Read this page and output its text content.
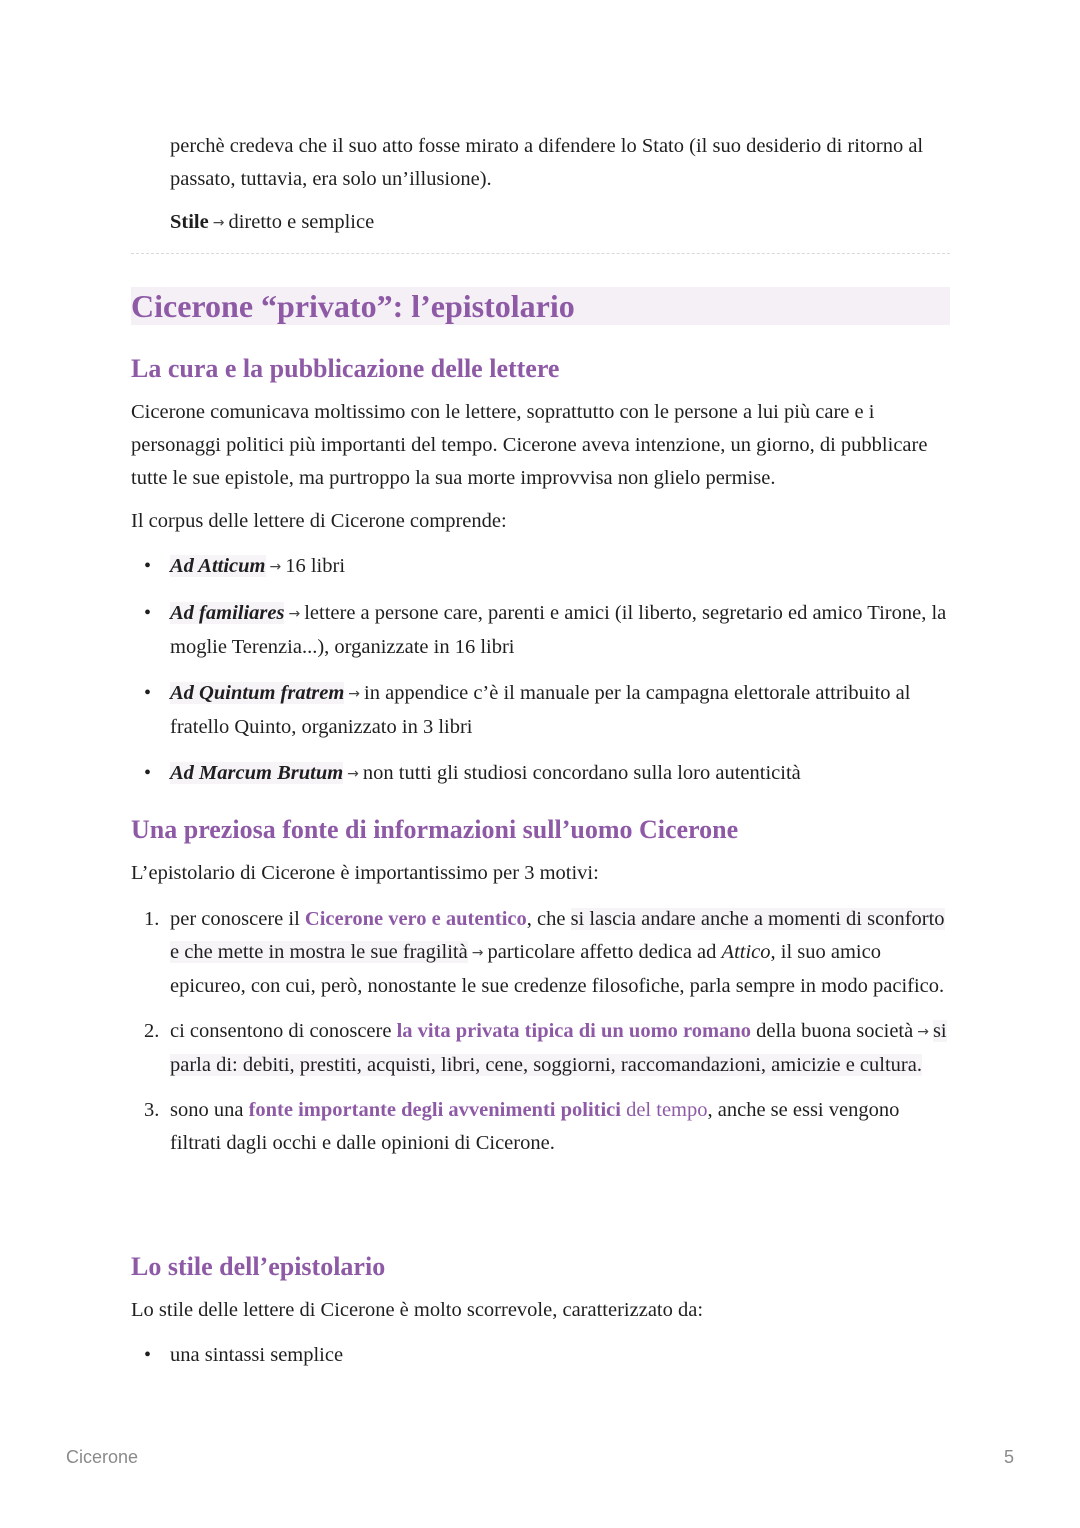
perchè credeva che il suo atto fosse mirato a difendere lo Stato (il suo desiderio di ritorno al passato, tuttavia, era solo un’illusione).

Stile → diretto e semplice

Cicerone “privato”: l’epistolario
La cura e la pubblicazione delle lettere

Cicerone comunicava moltissimo con le lettere, soprattutto con le persone a lui più care e i personaggi politici più importanti del tempo. Cicerone aveva intenzione, un giorno, di pubblicare tutte le sue epistole, ma purtroppo la sua morte improvvisa non glielo permise.

Il corpus delle lettere di Cicerone comprende:

• Ad Atticum → 16 libri

• Ad familiares → lettere a persone care, parenti e amici (il liberto, segretario ed amico Tirone, la moglie Terenzia...), organizzate in 16 libri

• Ad Quintum fratrem → in appendice c’è il manuale per la campagna elettorale attribuito al fratello Quinto, organizzato in 3 libri

• Ad Marcum Brutum → non tutti gli studiosi concordano sulla loro autenticità

Una preziosa fonte di informazioni sull’uomo Cicerone

L’epistolario di Cicerone è importantissimo per 3 motivi:

1. per conoscere il Cicerone vero e autentico, che si lascia andare anche a momenti di sconforto e che mette in mostra le sue fragilità → particolare affetto dedica ad Attico, il suo amico epicureo, con cui, però, nonostante le sue credenze filosofiche, parla sempre in modo pacifico.

2. ci consentono di conoscere la vita privata tipica di un uomo romano della buona società → si parla di: debiti, prestiti, acquisti, libri, cene, soggiorni, raccomandazioni, amicizie e cultura.

3. sono una fonte importante degli avvenimenti politici del tempo, anche se essi vengono filtrati dagli occhi e dalle opinioni di Cicerone.

Lo stile dell’epistolario

Lo stile delle lettere di Cicerone è molto scorrevole, caratterizzato da:

• una sintassi semplice

Cicerone	5
